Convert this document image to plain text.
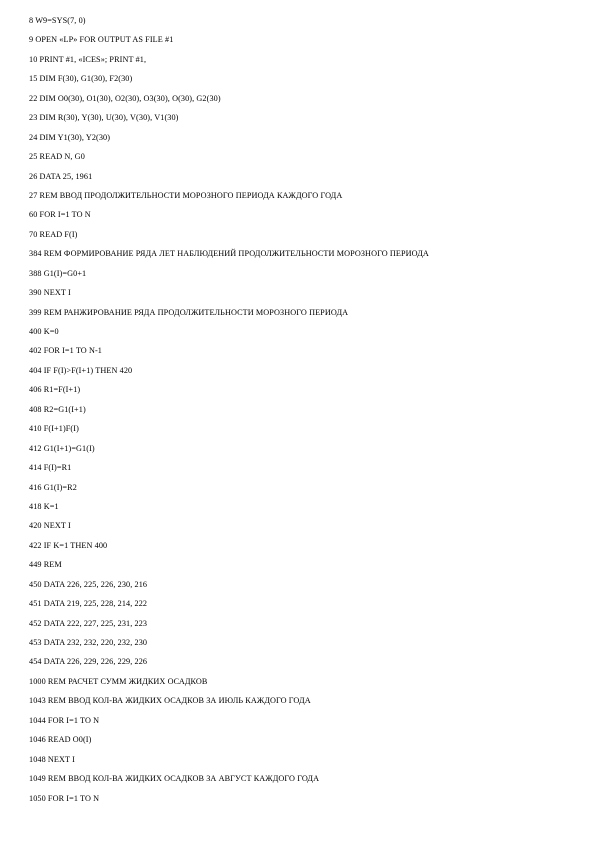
8 W9=SYS(7, 0)
9 OPEN «LP» FOR OUTPUT AS FILE #1
10 PRINT #1, «ICES»; PRINT #1,
15 DIM F(30), G1(30), F2(30)
22 DIM O0(30), O1(30), O2(30), O3(30), O(30), G2(30)
23 DIM R(30), Y(30), U(30), V(30), V1(30)
24 DIM Y1(30), Y2(30)
25 READ N, G0
26 DATA 25, 1961
27 REM ВВОД ПРОДОЛЖИТЕЛЬНОСТИ МОРОЗНОГО ПЕРИОДА КАЖДОГО ГОДА
60 FOR I=1 TO N
70 READ F(I)
384 REM ФОРМИРОВАНИЕ РЯДА ЛЕТ НАБЛЮДЕНИЙ ПРОДОЛЖИТЕЛЬНОСТИ МОРОЗНОГО ПЕРИОДА
388 G1(I)=G0+1
390 NEXT I
399 REM РАНЖИРОВАНИЕ РЯДА ПРОДОЛЖИТЕЛЬНОСТИ МОРОЗНОГО ПЕРИОДА
400 K=0
402 FOR I=1 TO N-1
404 IF F(I)>F(I+1) THEN 420
406 R1=F(I+1)
408 R2=G1(I+1)
410 F(I+1)F(I)
412 G1(I+1)=G1(I)
414 F(I)=R1
416 G1(I)=R2
418 K=1
420 NEXT I
422 IF K=1 THEN 400
449 REM
450 DATA 226, 225, 226, 230, 216
451 DATA 219, 225, 228, 214, 222
452 DATA 222, 227, 225, 231, 223
453 DATA 232, 232, 220, 232, 230
454 DATA 226, 229, 226, 229, 226
1000 REM РАСЧЕТ СУММ ЖИДКИХ ОСАДКОВ
1043 REM ВВОД КОЛ-ВА ЖИДКИХ ОСАДКОВ ЗА ИЮЛЬ КАЖДОГО ГОДА
1044 FOR I=1 TO N
1046 READ O0(I)
1048 NEXT I
1049 REM ВВОД КОЛ-ВА ЖИДКИХ ОСАДКОВ ЗА АВГУСТ КАЖДОГО ГОДА
1050 FOR I=1 TO N
